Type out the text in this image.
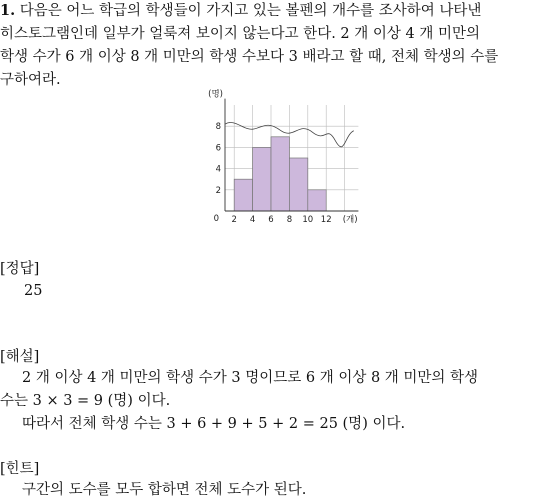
1. 다음은 어느 학급의 학생들이 가지고 있는 볼펜의 개수를 조사하여 나타낸
히스토그램인데 일부가 얼룩져 보이지 않는다고 한다. 2 개 이상 4 개 미만의
학생 수가 6 개 이상 8 개 미만의 학생 수보다 3 배라고 할 때, 전체 학생의 수를
구하여라.
2
4
6
8
(명)
0 2 4 6 8 10 12 (개)
[정답]
25
[해설]
2 개 이상 4 개 미만의 학생 수가 3 명이므로 6 개 이상 8 개 미만의 학생
수는 3 × 3 = 9 (명) 이다.
따라서 전체 학생 수는 3 + 6 + 9 + 5 + 2 = 25 (명) 이다.
[힌트]
구간의 도수를 모두 합하면 전체 도수가 된다.
